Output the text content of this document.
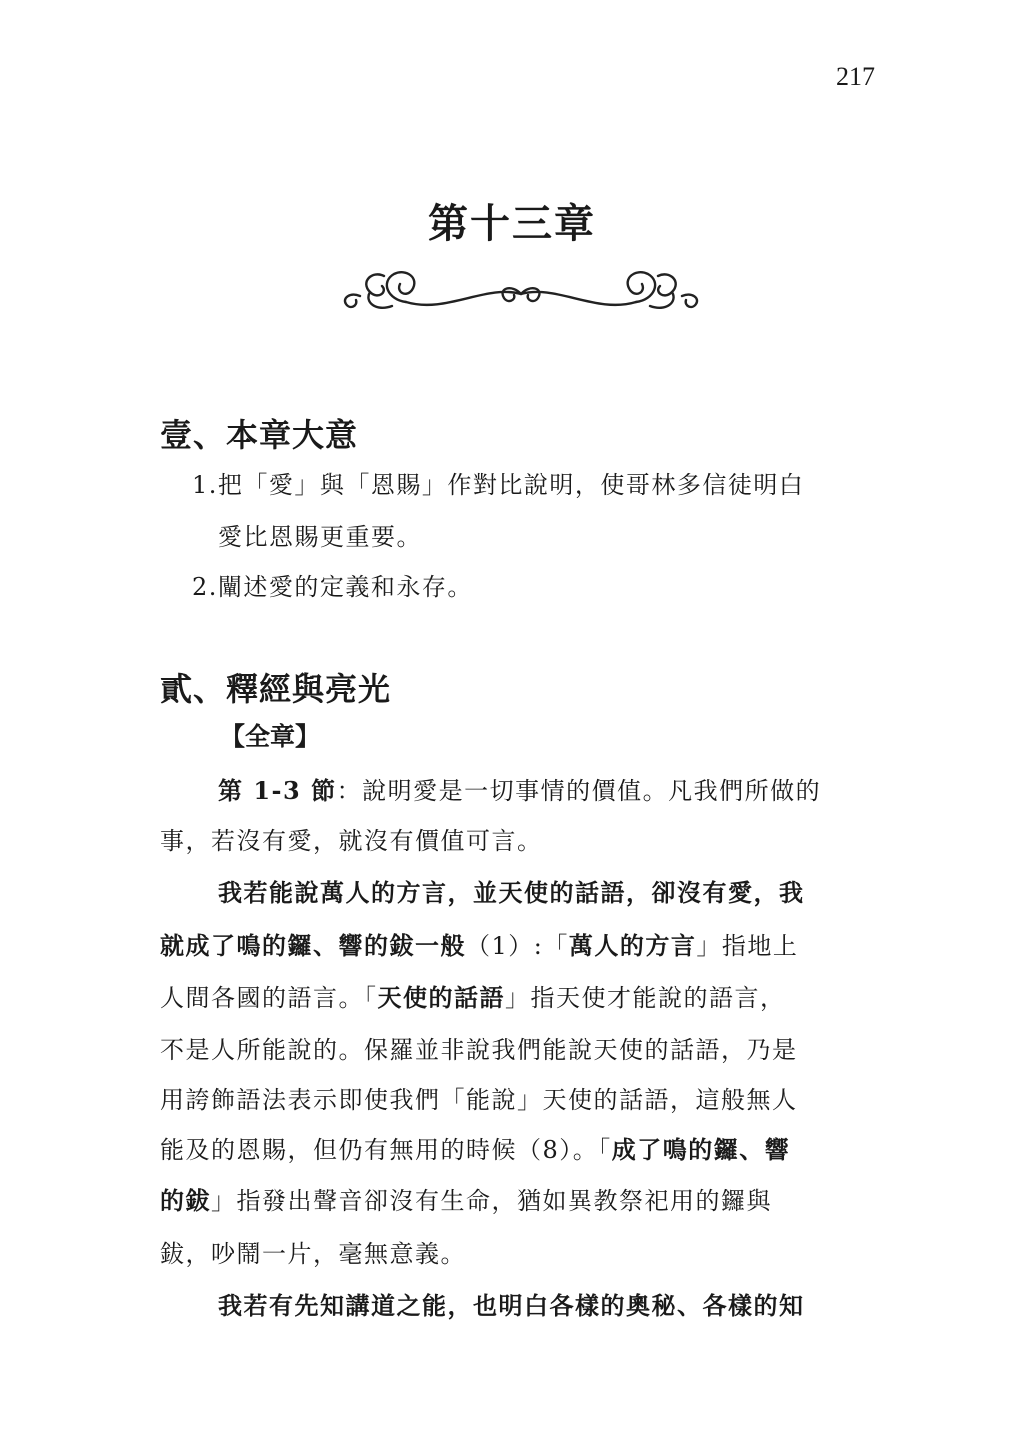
217
第十三章
壹、本章大意
1.把「愛」與「恩賜」作對比說明，使哥林多信徒明白
愛比恩賜更重要。
2.闡述愛的定義和永存。
貳、釋經與亮光
【全章】
第 1-3 節：說明愛是一切事情的價值。凡我們所做的
事，若沒有愛，就沒有價值可言。
我若能說萬人的方言，並天使的話語，卻沒有愛，我
就成了鳴的鑼、響的鈸一般（1）:「萬人的方言」指地上
人間各國的語言。「天使的話語」指天使才能說的語言，
不是人所能說的。保羅並非說我們能說天使的話語，乃是
用誇飾語法表示即使我們「能說」天使的話語，這般無人
能及的恩賜，但仍有無用的時候（8）。「成了鳴的鑼、響
的鈸」指發出聲音卻沒有生命，猶如異教祭祀用的鑼與
鈸，吵鬧一片，毫無意義。
我若有先知講道之能，也明白各樣的奧秘、各樣的知
